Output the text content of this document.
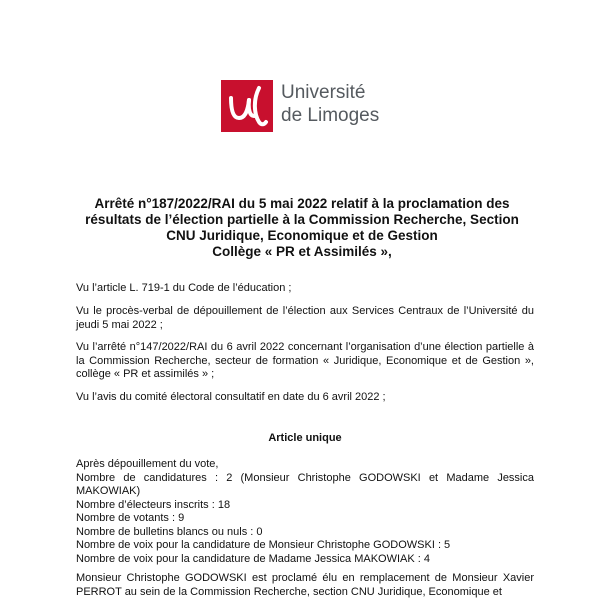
Université
de Limoges
Arrêté n°187/2022/RAI du 5 mai 2022 relatif à la proclamation des
résultats de l’élection partielle à la Commission Recherche, Section
CNU Juridique, Economique et de Gestion
Collège « PR et Assimilés »,
Vu l’article L. 719-1 du Code de l’éducation ;
Vu le procès-verbal de dépouillement de l’élection aux Services Centraux de l’Université du jeudi 5 mai 2022 ;
Vu l’arrêté n°147/2022/RAI du 6 avril 2022 concernant l’organisation d’une élection partielle à la Commission Recherche, secteur de formation « Juridique, Economique et de Gestion », collège « PR et assimilés » ;
Vu l’avis du comité électoral consultatif en date du 6 avril 2022 ;
Article unique
Après dépouillement du vote,
Nombre de candidatures : 2 (Monsieur Christophe GODOWSKI et Madame Jessica MAKOWIAK)
Nombre d’électeurs inscrits : 18
Nombre de votants : 9
Nombre de bulletins blancs ou nuls : 0
Nombre de voix pour la candidature de Monsieur Christophe GODOWSKI : 5
Nombre de voix pour la candidature de Madame Jessica MAKOWIAK : 4
Monsieur Christophe GODOWSKI est proclamé élu en remplacement de Monsieur Xavier PERROT au sein de la Commission Recherche, section CNU Juridique, Economique et
